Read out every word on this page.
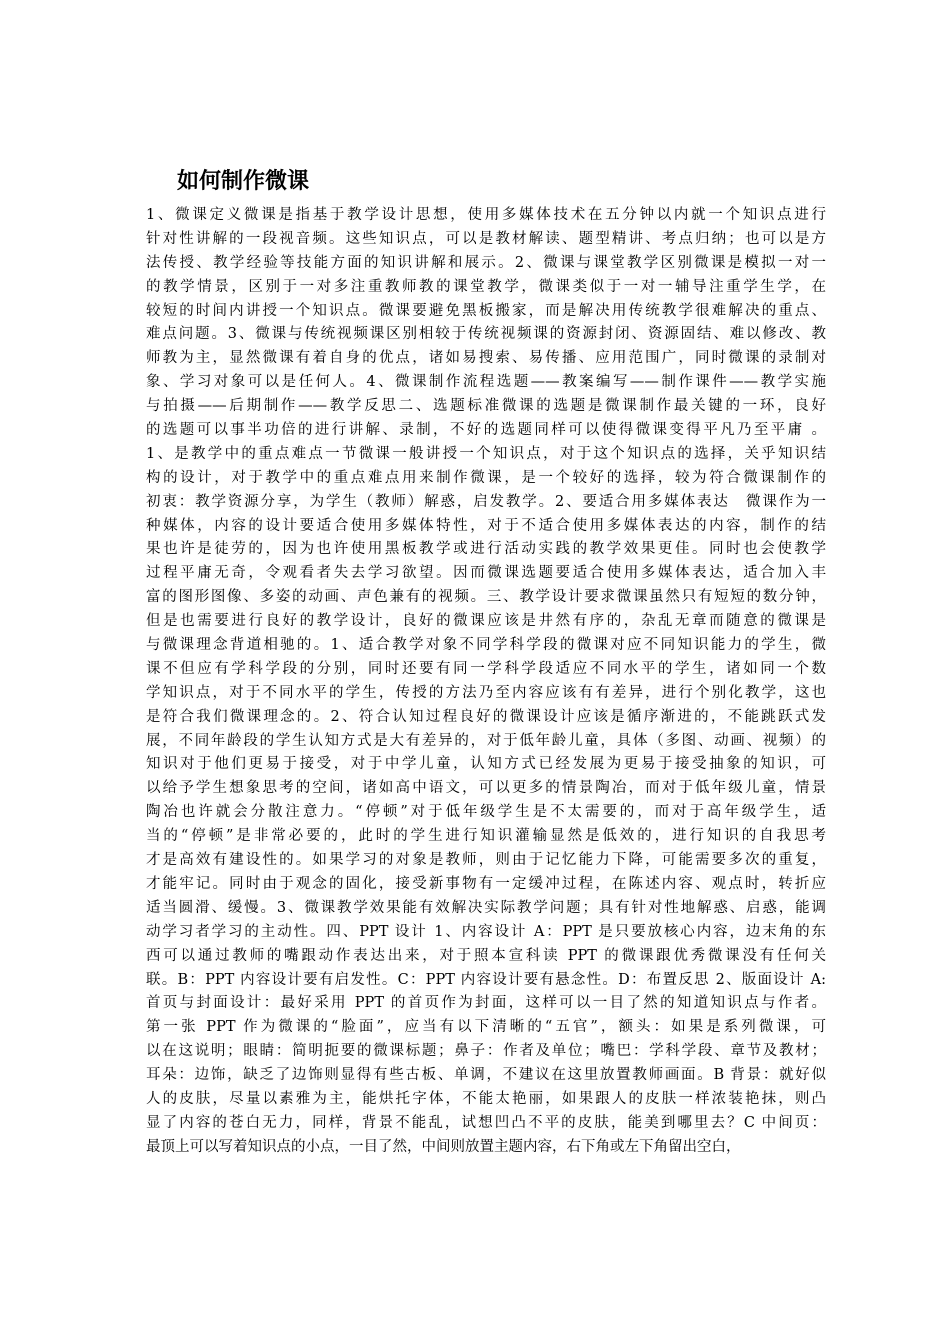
如何制作微课
1、微课定义微课是指基于教学设计思想，使用多媒体技术在五分钟以内就一个知识点进行
针对性讲解的一段视音频。这些知识点，可以是教材解读、题型精讲、考点归纳；也可以是方
法传授、教学经验等技能方面的知识讲解和展示。2、微课与课堂教学区别微课是模拟一对一
的教学情景，区别于一对多注重教师教的课堂教学，微课类似于一对一辅导注重学生学，在
较短的时间内讲授一个知识点。微课要避免黑板搬家，而是解决用传统教学很难解决的重点、
难点问题。3、微课与传统视频课区别相较于传统视频课的资源封闭、资源固结、难以修改、教
师教为主，显然微课有着自身的优点，诸如易搜索、易传播、应用范围广，同时微课的录制对
象、学习对象可以是任何人。4、微课制作流程选题——教案编写——制作课件——教学实施
与拍摄——后期制作——教学反思二、选题标准微课的选题是微课制作最关键的一环，良好
的选题可以事半功倍的进行讲解、录制，不好的选题同样可以使得微课变得平凡乃至平庸 。
1、是教学中的重点难点一节微课一般讲授一个知识点，对于这个知识点的选择，关乎知识结
构的设计，对于教学中的重点难点用来制作微课，是一个较好的选择，较为符合微课制作的
初衷：教学资源分享，为学生（教师）解惑，启发教学。2、要适合用多媒体表达　微课作为一
种媒体，内容的设计要适合使用多媒体特性，对于不适合使用多媒体表达的内容，制作的结
果也许是徒劳的，因为也许使用黑板教学或进行活动实践的教学效果更佳。同时也会使教学
过程平庸无奇，令观看者失去学习欲望。因而微课选题要适合使用多媒体表达，适合加入丰
富的图形图像、多姿的动画、声色兼有的视频。三、教学设计要求微课虽然只有短短的数分钟，
但是也需要进行良好的教学设计，良好的微课应该是井然有序的，杂乱无章而随意的微课是
与微课理念背道相驰的。1、适合教学对象不同学科学段的微课对应不同知识能力的学生，微
课不但应有学科学段的分别，同时还要有同一学科学段适应不同水平的学生，诸如同一个数
学知识点，对于不同水平的学生，传授的方法乃至内容应该有有差异，进行个别化教学，这也
是符合我们微课理念的。2、符合认知过程良好的微课设计应该是循序渐进的，不能跳跃式发
展，不同年龄段的学生认知方式是大有差异的，对于低年龄儿童，具体（多图、动画、视频）的
知识对于他们更易于接受，对于中学儿童，认知方式已经发展为更易于接受抽象的知识，可
以给予学生想象思考的空间，诸如高中语文，可以更多的情景陶冶，而对于低年级儿童，情景
陶冶也许就会分散注意力。“停顿”对于低年级学生是不太需要的，而对于高年级学生，适
当的“停顿”是非常必要的，此时的学生进行知识灌输显然是低效的，进行知识的自我思考
才是高效有建设性的。如果学习的对象是教师，则由于记忆能力下降，可能需要多次的重复，
才能牢记。同时由于观念的固化，接受新事物有一定缓冲过程，在陈述内容、观点时，转折应
适当圆滑、缓慢。3、微课教学效果能有效解决实际教学问题；具有针对性地解惑、启惑，能调
动学习者学习的主动性。四、PPT 设计 1、内容设计 A：PPT 是只要放核心内容，边末角的东
西可以通过教师的嘴跟动作表达出来，对于照本宣科读 PPT 的微课跟优秀微课没有任何关
联。B：PPT 内容设计要有启发性。C：PPT 内容设计要有悬念性。D：布置反思 2、版面设计 A:
首页与封面设计：最好采用 PPT 的首页作为封面，这样可以一目了然的知道知识点与作者。
第一张 PPT 作为微课的“脸面”，应当有以下清晰的“五官”，额头：如果是系列微课，可
以在这说明；眼睛：简明扼要的微课标题；鼻子：作者及单位；嘴巴：学科学段、章节及教材；
耳朵：边饰，缺乏了边饰则显得有些古板、单调，不建议在这里放置教师画面。B 背景：就好似
人的皮肤，尽量以素雅为主，能烘托字体，不能太艳丽，如果跟人的皮肤一样浓装艳抹，则凸
显了内容的苍白无力，同样，背景不能乱，试想凹凸不平的皮肤，能美到哪里去？C 中间页：
最顶上可以写着知识点的小点，一目了然，中间则放置主题内容，右下角或左下角留出空白，
